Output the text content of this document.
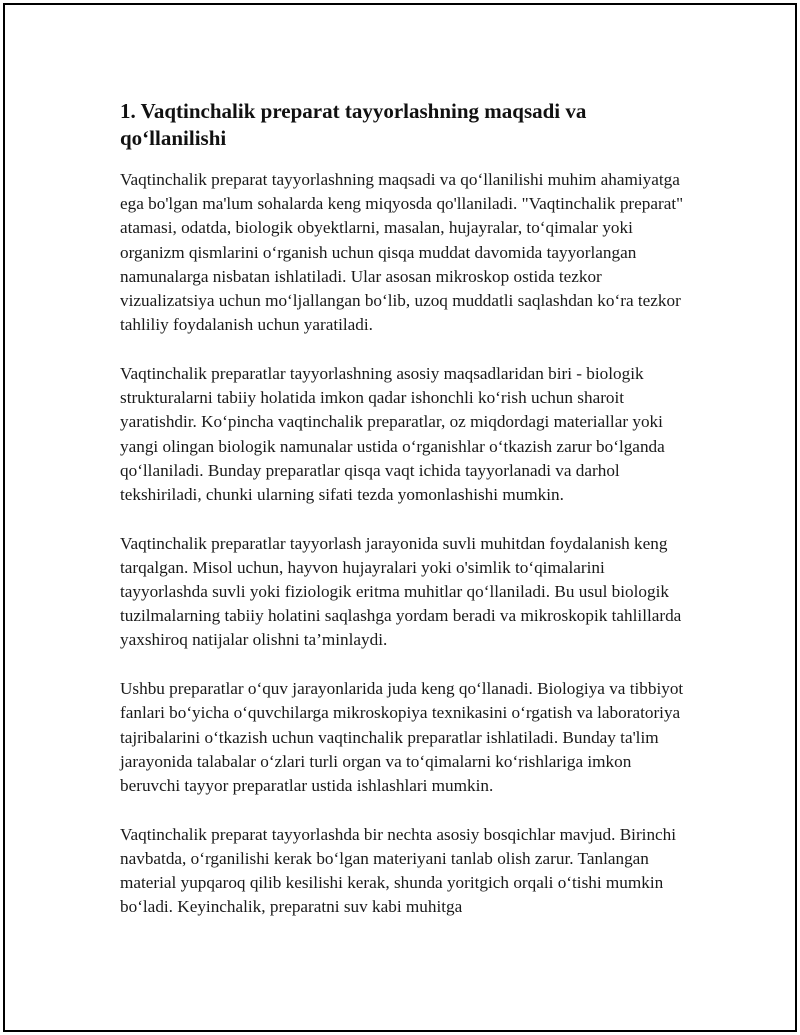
1. Vaqtinchalik preparat tayyorlashning maqsadi va qo‘llanilishi

Vaqtinchalik preparat tayyorlashning maqsadi va qo‘llanilishi muhim ahamiyatga ega bo'lgan ma'lum sohalarda keng miqyosda qo'llaniladi. "Vaqtinchalik preparat" atamasi, odatda, biologik obyektlarni, masalan, hujayralar, to‘qimalar yoki organizm qismlarini o‘rganish uchun qisqa muddat davomida tayyorlangan namunalarga nisbatan ishlatiladi. Ular asosan mikroskop ostida tezkor vizualizatsiya uchun mo‘ljallangan bo‘lib, uzoq muddatli saqlashdan ko‘ra tezkor tahliliy foydalanish uchun yaratiladi.

Vaqtinchalik preparatlar tayyorlashning asosiy maqsadlaridan biri - biologik strukturalarni tabiiy holatida imkon qadar ishonchli ko‘rish uchun sharoit yaratishdir. Ko‘pincha vaqtinchalik preparatlar, oz miqdordagi materiallar yoki yangi olingan biologik namunalar ustida o‘rganishlar o‘tkazish zarur bo‘lganda qo‘llaniladi. Bunday preparatlar qisqa vaqt ichida tayyorlanadi va darhol tekshiriladi, chunki ularning sifati tezda yomonlashishi mumkin.

Vaqtinchalik preparatlar tayyorlash jarayonida suvli muhitdan foydalanish keng tarqalgan. Misol uchun, hayvon hujayralari yoki o'simlik to‘qimalarini tayyorlashda suvli yoki fiziologik eritma muhitlar qo‘llaniladi. Bu usul biologik tuzilmalarning tabiiy holatini saqlashga yordam beradi va mikroskopik tahlillarda yaxshiroq natijalar olishni ta’minlaydi.

Ushbu preparatlar o‘quv jarayonlarida juda keng qo‘llanadi. Biologiya va tibbiyot fanlari bo‘yicha o‘quvchilarga mikroskopiya texnikasini o‘rgatish va laboratoriya tajribalarini o‘tkazish uchun vaqtinchalik preparatlar ishlatiladi. Bunday ta'lim jarayonida talabalar o‘zlari turli organ va to‘qimalarni ko‘rishlariga imkon beruvchi tayyor preparatlar ustida ishlashlari mumkin.

Vaqtinchalik preparat tayyorlashda bir nechta asosiy bosqichlar mavjud. Birinchi navbatda, o‘rganilishi kerak bo‘lgan materiyani tanlab olish zarur. Tanlangan material yupqaroq qilib kesilishi kerak, shunda yoritgich orqali o‘tishi mumkin bo‘ladi. Keyinchalik, preparatni suv kabi muhitga
